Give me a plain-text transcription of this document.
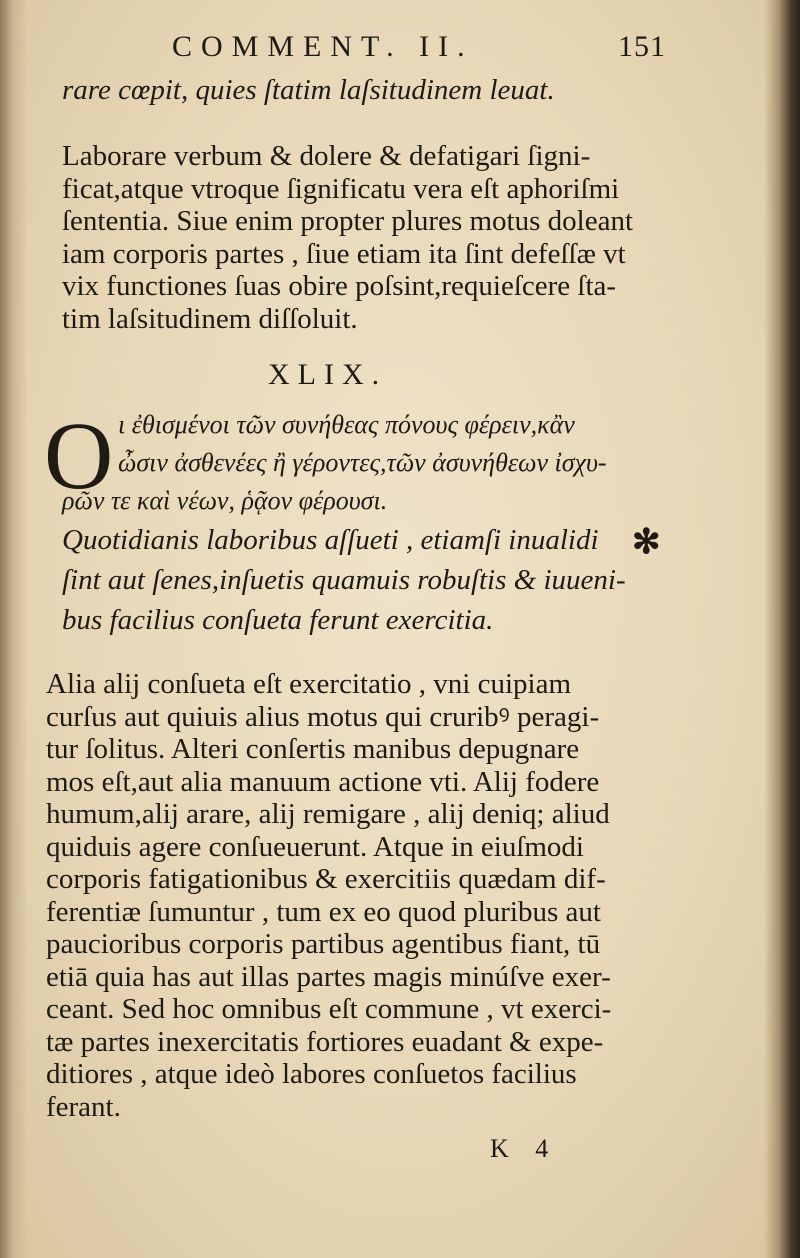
COMMENT. II.	151
rare cœpit, quies ſtatim laſsitudinem leuat.
Laborare verbum & dolere & defatigari ſigni-
ficat,atque vtroque ſignificatu vera eſt aphoriſmi
ſententia. Siue enim propter plures motus doleant
iam corporis partes , ſiue etiam ita ſint defeſſæ vt
vix functiones ſuas obire poſsint,requieſcere ſta-
tim laſsitudinem diſſoluit.
XLIX.
O ι ἐθισμένοι τῶν συνήθεας πόνους φέρειν,κἂν
ὦσιν ἀσθενέες ἢ γέροντες,τῶν ἀσυνήθεων ἰσχυ-
ρῶν τε καὶ νέων, ῥᾷον φέρουσι.
Quotidianis laboribus aſſueti , etiamſi inualidi
ſint aut ſenes,inſuetis quamuis robuſtis & iuueni-
bus facilius conſueta ferunt exercitia.
✻
Alia alij conſueta eſt exercitatio , vni cuipiam
curſus aut quiuis alius motus qui cruribꝰ peragi-
tur ſolitus. Alteri conſertis manibus depugnare
mos eſt,aut alia manuum actione vti. Alij fodere
humum,alij arare, alij remigare , alij deniq; aliud
quiduis agere conſueuerunt. Atque in eiuſmodi
corporis fatigationibus & exercitiis quædam dif-
ferentiæ ſumuntur , tum ex eo quod pluribus aut
paucioribus corporis partibus agentibus fiant, tū
etiā quia has aut illas partes magis minúſve exer-
ceant. Sed hoc omnibus eſt commune , vt exerci-
tæ partes inexercitatis fortiores euadant & expe-
ditiores , atque ideò labores conſuetos facilius
ferant.
K 4
